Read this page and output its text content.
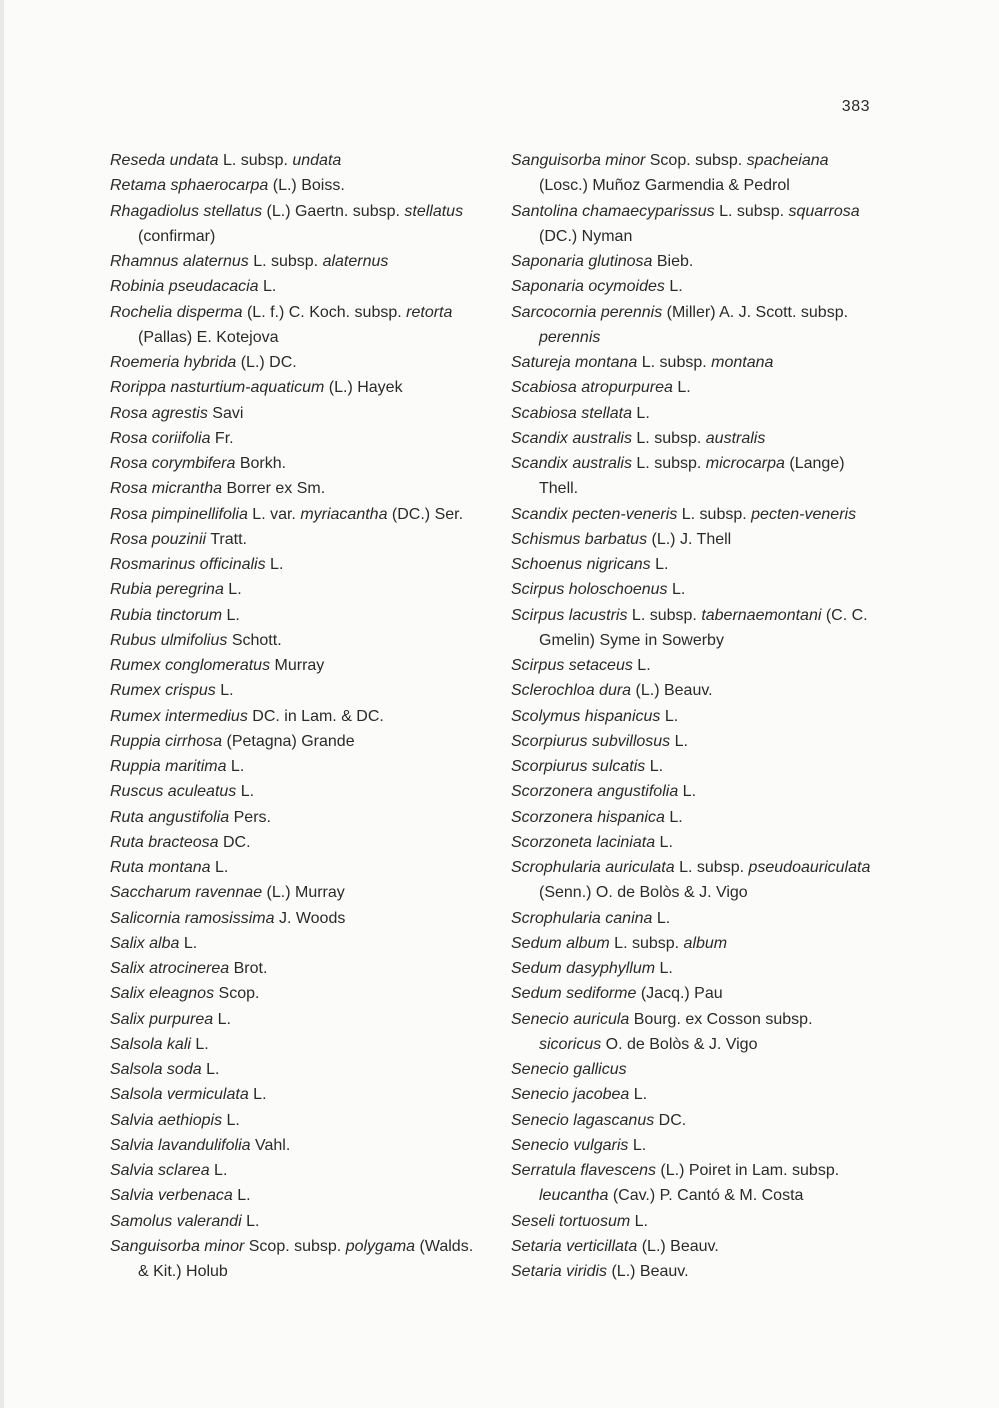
383
Reseda undata L. subsp. undata
Retama sphaerocarpa (L.) Boiss.
Rhagadiolus stellatus (L.) Gaertn. subsp. stellatus (confirmar)
Rhamnus alaternus L. subsp. alaternus
Robinia pseudacacia L.
Rochelia disperma (L. f.) C. Koch. subsp. retorta (Pallas) E. Kotejova
Roemeria hybrida (L.) DC.
Rorippa nasturtium-aquaticum (L.) Hayek
Rosa agrestis Savi
Rosa coriifolia Fr.
Rosa corymbifera Borkh.
Rosa micrantha Borrer ex Sm.
Rosa pimpinellifolia L. var. myriacantha (DC.) Ser.
Rosa pouzinii Tratt.
Rosmarinus officinalis L.
Rubia peregrina L.
Rubia tinctorum L.
Rubus ulmifolius Schott.
Rumex conglomeratus Murray
Rumex crispus L.
Rumex intermedius DC. in Lam. & DC.
Ruppia cirrhosa (Petagna) Grande
Ruppia maritima L.
Ruscus aculeatus L.
Ruta angustifolia Pers.
Ruta bracteosa DC.
Ruta montana L.
Saccharum ravennae (L.) Murray
Salicornia ramosissima J. Woods
Salix alba L.
Salix atrocinerea Brot.
Salix eleagnos Scop.
Salix purpurea L.
Salsola kali L.
Salsola soda L.
Salsola vermiculata L.
Salvia aethiopis L.
Salvia lavandulifolia Vahl.
Salvia sclarea L.
Salvia verbenaca L.
Samolus valerandi L.
Sanguisorba minor Scop. subsp. polygama (Walds. & Kit.) Holub
Sanguisorba minor Scop. subsp. spacheiana (Losc.) Muñoz Garmendia & Pedrol
Santolina chamaecyparissus L. subsp. squarrosa (DC.) Nyman
Saponaria glutinosa Bieb.
Saponaria ocymoides L.
Sarcocornia perennis (Miller) A. J. Scott. subsp. perennis
Satureja montana L. subsp. montana
Scabiosa atropurpurea L.
Scabiosa stellata L.
Scandix australis L. subsp. australis
Scandix australis L. subsp. microcarpa (Lange) Thell.
Scandix pecten-veneris L. subsp. pecten-veneris
Schismus barbatus (L.) J. Thell
Schoenus nigricans L.
Scirpus holoschoenus L.
Scirpus lacustris L. subsp. tabernaemontani (C. C. Gmelin) Syme in Sowerby
Scirpus setaceus L.
Sclerochloa dura (L.) Beauv.
Scolymus hispanicus L.
Scorpiurus subvillosus L.
Scorpiurus sulcatis L.
Scorzonera angustifolia L.
Scorzonera hispanica L.
Scorzoneta laciniata L.
Scrophularia auriculata L. subsp. pseudoauriculata (Senn.) O. de Bolòs & J. Vigo
Scrophularia canina L.
Sedum album L. subsp. album
Sedum dasyphyllum L.
Sedum sediforme (Jacq.) Pau
Senecio auricula Bourg. ex Cosson subsp. sicoricus O. de Bolòs & J. Vigo
Senecio gallicus
Senecio jacobea L.
Senecio lagascanus DC.
Senecio vulgaris L.
Serratula flavescens (L.) Poiret in Lam. subsp. leucantha (Cav.) P. Cantó & M. Costa
Seseli tortuosum L.
Setaria verticillata (L.) Beauv.
Setaria viridis (L.) Beauv.
